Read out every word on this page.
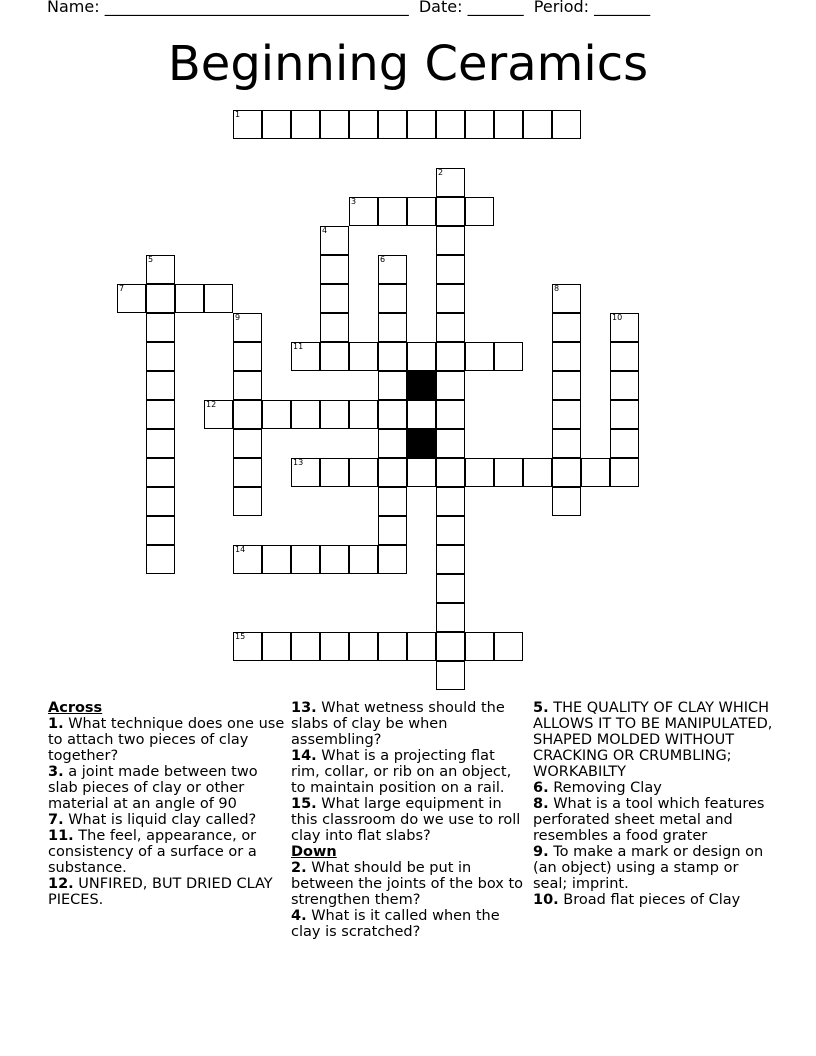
Name: ______________________________________ Date: _______ Period: _______
Beginning Ceramics
1
2
3
4
5	6
7	8
9	10
11
12
13
14
15
Across
1. What technique does one use to attach two pieces of clay together?
3. a joint made between two slab pieces of clay or other material at an angle of 90
7. What is liquid clay called?
11. The feel, appearance, or consistency of a surface or a substance.
12. UNFIRED, BUT DRIED CLAY PIECES.
13. What wetness should the slabs of clay be when assembling?
14. What is a projecting flat rim, collar, or rib on an object, to maintain position on a rail.
15. What large equipment in this classroom do we use to roll clay into flat slabs?
Down
2. What should be put in between the joints of the box to strengthen them?
4. What is it called when the clay is scratched?
5. THE QUALITY OF CLAY WHICH ALLOWS IT TO BE MANIPULATED, SHAPED MOLDED WITHOUT CRACKING OR CRUMBLING; WORKABILTY
6. Removing Clay
8. What is a tool which features perforated sheet metal and resembles a food grater
9. To make a mark or design on (an object) using a stamp or seal; imprint.
10. Broad flat pieces of Clay
